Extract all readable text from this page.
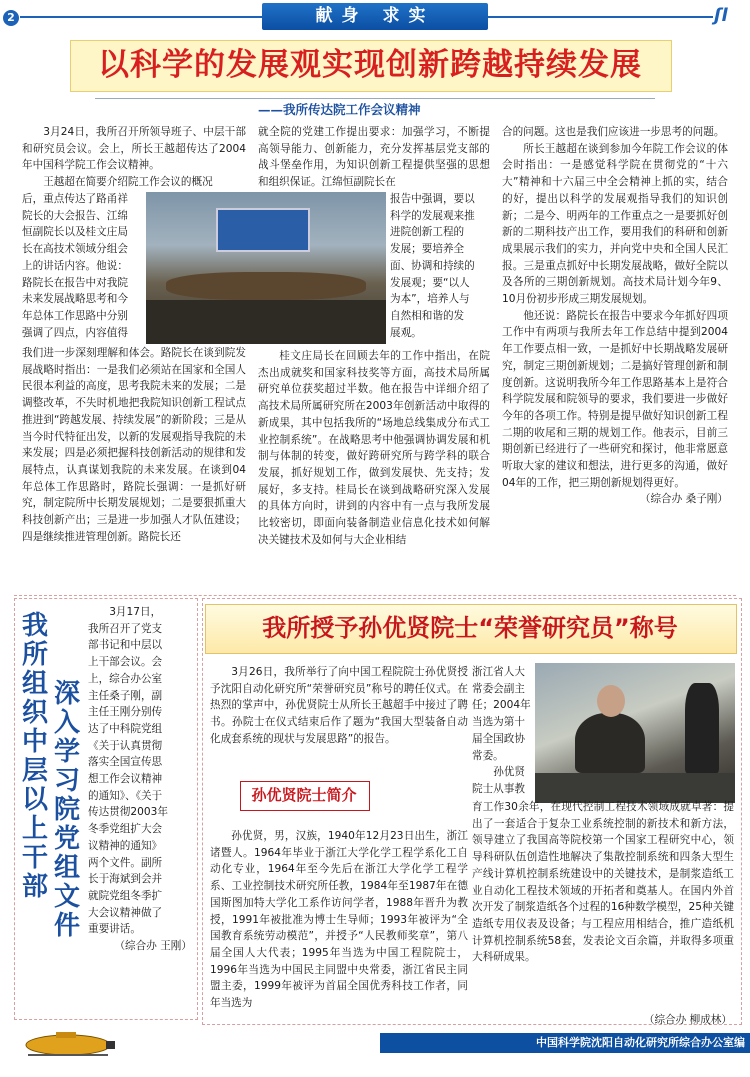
2	献身 求实	ʃl
以科学的发展观实现创新跨越持续发展
——我所传达院工作会议精神

3月24日，我所召开所领导班子、中层干部和研究员会议。会上，所长王越超传达了2004年中国科学院工作会议精神。

王越超在简要介绍院工作会议的概况
后，重点传达了路甬祥
院长的大会报告、江绵
恒副院长以及桂文庄局
长在高技术领域分组会
上的讲话内容。他说：
路院长在报告中对我院
未来发展战略思考和今
年总体工作思路中分别
强调了四点，内容值得

我们进一步深刻理解和体会。路院长在谈到院发展战略时指出：一是我们必须站在国家和全国人民很本利益的高度，思考我院未来的发展；二是调整改革，不失时机地把我院知识创新工程试点推进到“跨越发展、持续发展”的新阶段；三是从当今时代特征出发，以新的发展观指导我院的未来发展；四是必须把握科技创新活动的规律和发展特点，认真谋划我院的未来发展。在谈到04年总体工作思路时，路院长强调：一是抓好研究，制定院所中长期发展规划；二是要狠抓重大科技创新产出；三是进一步加强人才队伍建设；四是继续推进管理创新。路院长还

就全院的党建工作提出要求：加强学习，不断提高领导能力、创新能力，充分发挥基层党支部的战斗堡垒作用，为知识创新工程提供坚强的思想和组织保证。江绵恒副院长在

报告中强调，要以
科学的发展观来推
进院创新工程的
发展；要培养全
面、协调和持续的
发展观；要“以人
为本”，培养人与
自然相和谐的发
展观。

桂文庄局长在回顾去年的工作中指出，在院杰出成就奖和国家科技奖等方面，高技术局所属研究单位获奖超过半数。他在报告中详细介绍了高技术局所属研究所在2003年创新活动中取得的新成果，其中包括我所的“场地总线集成分布式工业控制系统”。在战略思考中他强调协调发展和机制与体制的转变，做好跨研究所与跨学科的联合发展，抓好规划工作，做到发展快、先支持；发展好，多支持。桂局长在谈到战略研究深入发展的具体方向时，讲到的内容中有一点与我所发展比较密切，即面向装备制造业信息化技术如何解决关键技术及如何与大企业相结

合的问题。这也是我们应该进一步思考的问题。

所长王越超在谈到参加今年院工作会议的体会时指出：一是感觉科学院在贯彻党的“十六大”精神和十六届三中全会精神上抓的实，结合的好，提出以科学的发展观指导我们的知识创新；二是今、明两年的工作重点之一是要抓好创新的二期科技产出工作，要用我们的科研和创新成果展示我们的实力，并向党中央和全国人民汇报。三是重点抓好中长期发展战略，做好全院以及各所的三期创新规划。高技术局计划今年9、10月份初步形成三期发展规划。

他还说：路院长在报告中要求今年抓好四项工作中有两项与我所去年工作总结中提到2004年工作要点相一致，一是抓好中长期战略发展研究，制定三期创新规划；二是搞好管理创新和制度创新。这说明我所今年工作思路基本上是符合科学院发展和院领导的要求，我们要进一步做好今年的各项工作。特别是提早做好知识创新工程二期的收尾和三期的规划工作。他表示，目前三期创新已经进行了一些研究和探讨，他非常愿意听取大家的建议和想法，进行更多的沟通，做好04年的工作，把三期创新规划得更好。

（综合办 桑子刚）
我
所
组
织
中
层
以
上
干
部
深
入
学
习
院
党
组
文
件
3月17日，
我所召开了党支
部书记和中层以
上干部会议。会
上，综合办公室
主任桑子刚，副
主任王刚分别传
达了中科院党组
《关于认真贯彻
落实全国宣传思
想工作会议精神
的通知》、《关于
传达贯彻2003年
冬季党组扩大会
议精神的通知》
两个文件。副所
长于海斌到会并
就院党组冬季扩
大会议精神做了
重要讲话。
（综合办 王刚）
我所授予孙优贤院士“荣誉研究员”称号

3月26日，我所举行了向中国工程院院士孙优贤授予沈阳自动化研究所“荣誉研究员”称号的聘任仪式。在热烈的掌声中，孙优贤院士从所长王越超手中接过了聘书。孙院士在仪式结束后作了题为“我国大型装备自动化成套系统的现状与发展思路”的报告。

孙优贤院士简介

孙优贤，男，汉族，1940年12月23日出生，浙江诸暨人。1964年毕业于浙江大学化学工程学系化工自动化专业，1964年至今先后在浙江大学化学工程学系、工业控制技术研究所任教，1984年至1987年在德国斯图加特大学化工系作访问学者，1988年晋升为教授，1991年被批准为博士生导师；1993年被评为“全国教育系统劳动模范”，并授予“人民教师奖章”，第八届全国人大代表；1995年当选为中国工程院院士，1996年当选为中国民主同盟中央常委，浙江省民主同盟主委，1999年被评为首届全国优秀科技工作者，同年当选为

浙江省人大
常委会副主
任；2004年
当选为第十
届全国政协
常委。
孙优贤
院士从事教

育工作30余年，在现代控制工程技术领域成就卓著：提出了一套适合于复杂工业系统控制的新技术和新方法，领导建立了我国高等院校第一个国家工程研究中心，领导科研队伍创造性地解决了集散控制系统和四条大型生产线计算机控制系统建设中的关键技术，是制浆造纸工业自动化工程技术领域的开拓者和奠基人。在国内外首次开发了制浆造纸各个过程的16种数学模型，25种关键造纸专用仪表及设备；与工程应用相结合，推广造纸机计算机控制系统58套，发表论文百余篇，并取得多项重大科研成果。

（综合办 柳成林）
中国科学院沈阳自动化研究所综合办公室编
